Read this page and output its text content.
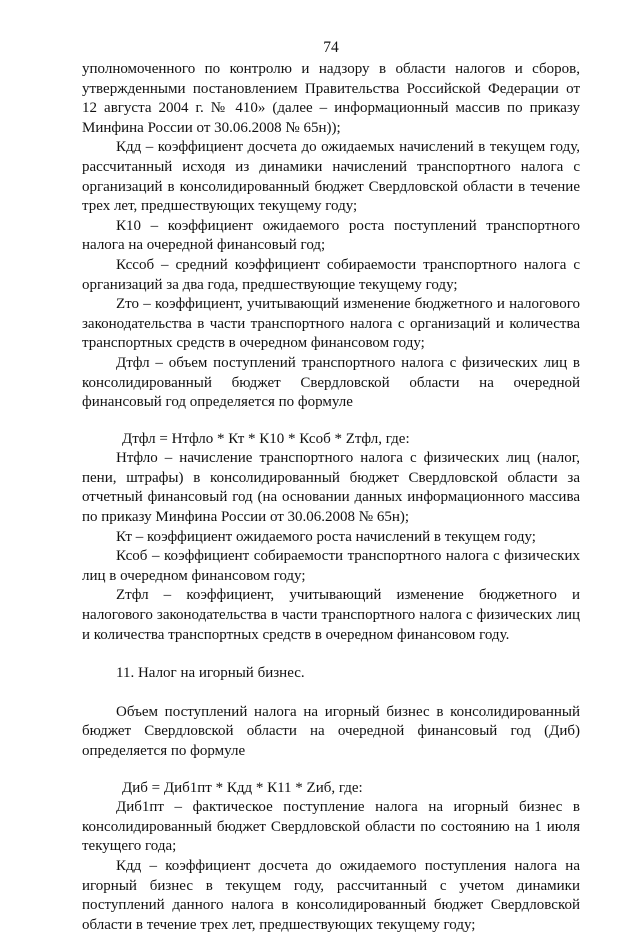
74

уполномоченного по контролю и надзору в области налогов и сборов, утвержденными постановлением Правительства Российской Федерации от 12 августа 2004 г. № 410» (далее – информационный массив по приказу Минфина России от 30.06.2008 № 65н));

Кдд – коэффициент досчета до ожидаемых начислений в текущем году, рассчитанный исходя из динамики начислений транспортного налога с организаций в консолидированный бюджет Свердловской области в течение трех лет, предшествующих текущему году;

К10 – коэффициент ожидаемого роста поступлений транспортного налога на очередной финансовый год;

Кссоб – средний коэффициент собираемости транспортного налога с организаций за два года, предшествующие текущему году;

Zто – коэффициент, учитывающий изменение бюджетного и налогового законодательства в части транспортного налога с организаций и количества транспортных средств в очередном финансовом году;

Дтфл – объем поступлений транспортного налога с физических лиц в консолидированный бюджет Свердловской области на очередной финансовый год определяется по формуле

Дтфл = Нтфло * Кт * К10 * Ксоб * Zтфл, где:

Нтфло – начисление транспортного налога с физических лиц (налог, пени, штрафы) в консолидированный бюджет Свердловской области за отчетный финансовый год (на основании данных информационного массива по приказу Минфина России от 30.06.2008 № 65н);

Кт – коэффициент ожидаемого роста начислений в текущем году;

Ксоб – коэффициент собираемости транспортного налога с физических лиц в очередном финансовом году;

Zтфл – коэффициент, учитывающий изменение бюджетного и налогового законодательства в части транспортного налога с физических лиц и количества транспортных средств в очередном финансовом году.

11. Налог на игорный бизнес.

Объем поступлений налога на игорный бизнес в консолидированный бюджет Свердловской области на очередной финансовый год (Диб) определяется по формуле

Диб = Диб1пт * Кдд * К11 * Zиб, где:

Диб1пт – фактическое поступление налога на игорный бизнес в консолидированный бюджет Свердловской области по состоянию на 1 июля текущего года;

Кдд – коэффициент досчета до ожидаемого поступления налога на игорный бизнес в текущем году, рассчитанный с учетом динамики поступлений данного налога в консолидированный бюджет Свердловской области в течение трех лет, предшествующих текущему году;
